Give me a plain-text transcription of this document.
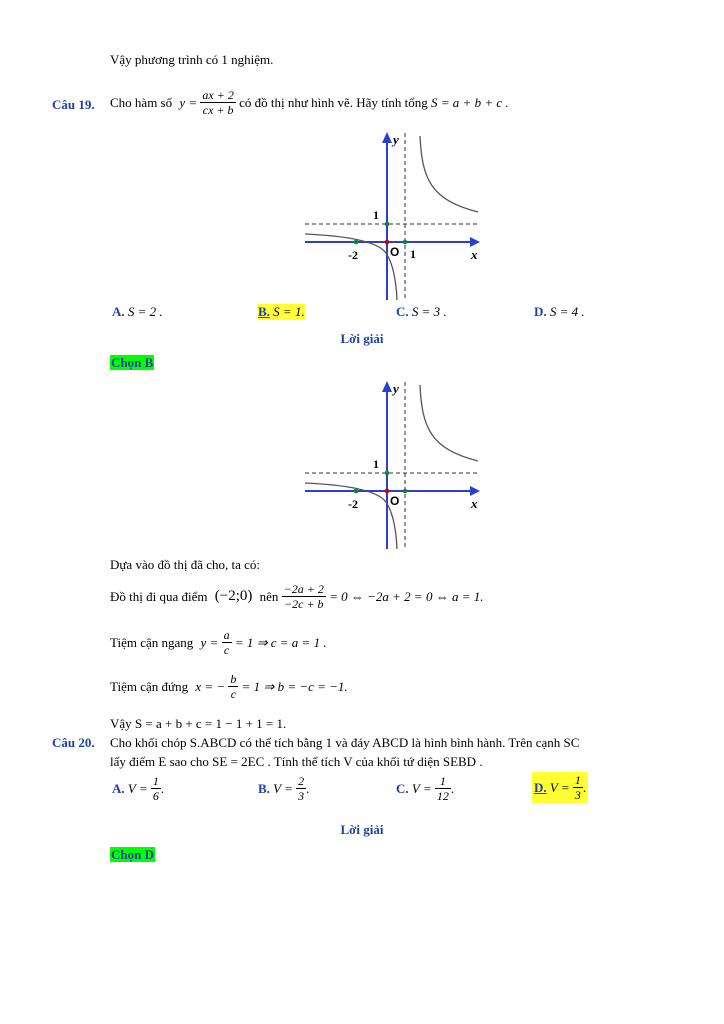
Vậy phương trình có 1 nghiệm.
Câu 19. Cho hàm số $y = \frac{ax + 2}{cx + b}$ có đồ thị như hình vẽ. Hãy tính tổng S = a + b + c .
y
x
1
1
-2	O
A. S = 2 .	B. S = 1.	C. S = 3 .	D. S = 4 .
Lời giải
Chọn B
y
x
1
-2	O
Dựa vào đồ thị đã cho, ta có:
Đồ thị đi qua điểm (−2;0) nên $\frac{-2a + 2}{-2c + b} = 0$ ⇔ −2a + 2 = 0 ⇔ a = 1.
Tiệm cận ngang $y = \frac{a}{c} = 1$ ⇒ c = a = 1 .
Tiệm cận đứng x = − $\frac{b}{c} = 1$ ⇒ b = −c = −1.
Vậy S = a + b + c = 1 − 1 + 1 = 1.
Câu 20. Cho khối chóp S.ABCD có thể tích bằng 1 và đáy ABCD là hình bình hành. Trên cạnh SC
lấy điểm E sao cho SE = 2EC . Tính thể tích V của khối tứ diện SEBD .
A. $V = \frac{1}{6}$ .	B. $V = \frac{2}{3}$ .	C. $V = \frac{1}{12}$ .	D. $V = \frac{1}{3}$ .
Lời giải
Chọn D
